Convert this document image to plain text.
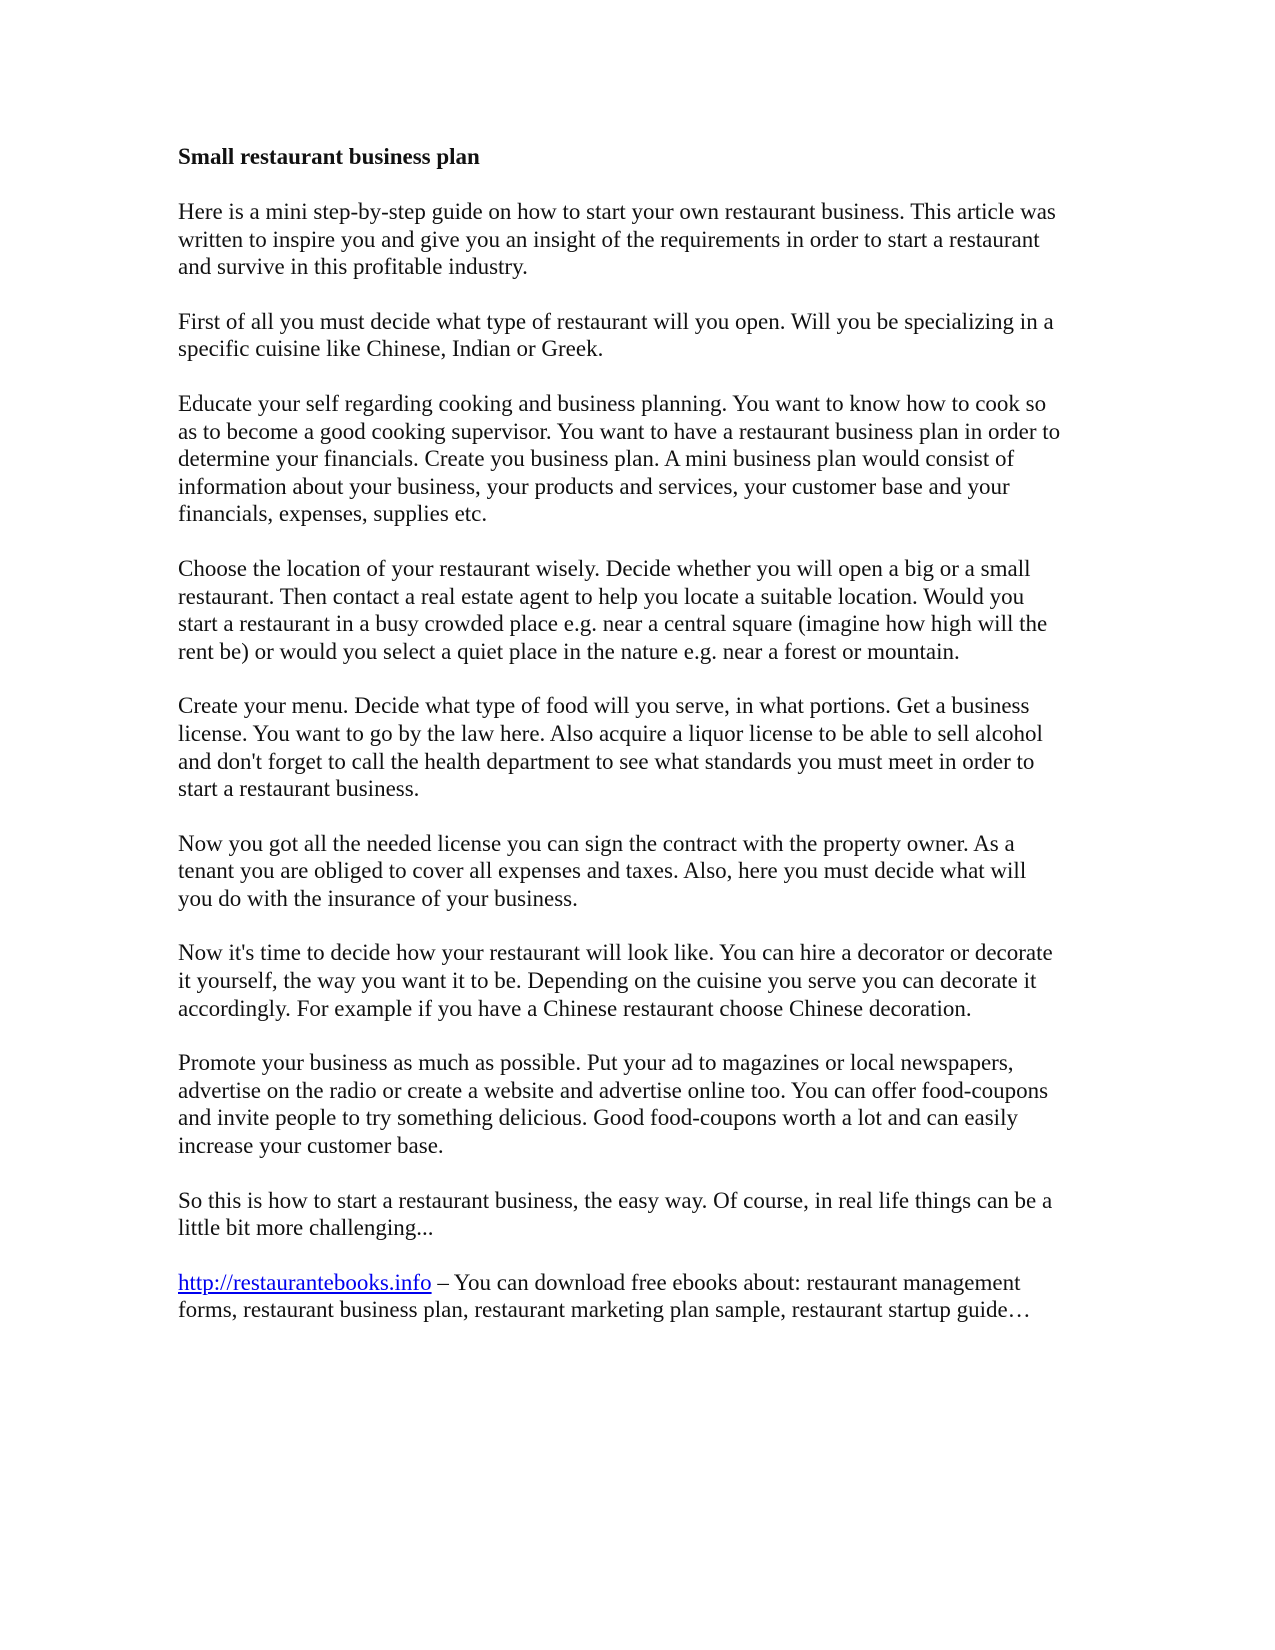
Small restaurant business plan

Here is a mini step-by-step guide on how to start your own restaurant business. This article was written to inspire you and give you an insight of the requirements in order to start a restaurant and survive in this profitable industry.

First of all you must decide what type of restaurant will you open. Will you be specializing in a specific cuisine like Chinese, Indian or Greek.

Educate your self regarding cooking and business planning. You want to know how to cook so as to become a good cooking supervisor. You want to have a restaurant business plan in order to determine your financials. Create you business plan. A mini business plan would consist of information about your business, your products and services, your customer base and your financials, expenses, supplies etc.

Choose the location of your restaurant wisely. Decide whether you will open a big or a small restaurant. Then contact a real estate agent to help you locate a suitable location. Would you start a restaurant in a busy crowded place e.g. near a central square (imagine how high will the rent be) or would you select a quiet place in the nature e.g. near a forest or mountain.

Create your menu. Decide what type of food will you serve, in what portions. Get a business license. You want to go by the law here. Also acquire a liquor license to be able to sell alcohol and don't forget to call the health department to see what standards you must meet in order to start a restaurant business.

Now you got all the needed license you can sign the contract with the property owner. As a tenant you are obliged to cover all expenses and taxes. Also, here you must decide what will you do with the insurance of your business.

Now it's time to decide how your restaurant will look like. You can hire a decorator or decorate it yourself, the way you want it to be. Depending on the cuisine you serve you can decorate it accordingly. For example if you have a Chinese restaurant choose Chinese decoration.

Promote your business as much as possible. Put your ad to magazines or local newspapers, advertise on the radio or create a website and advertise online too. You can offer food-coupons and invite people to try something delicious. Good food-coupons worth a lot and can easily increase your customer base.

So this is how to start a restaurant business, the easy way. Of course, in real life things can be a little bit more challenging...

http://restaurantebooks.info – You can download free ebooks about: restaurant management forms, restaurant business plan, restaurant marketing plan sample, restaurant startup guide…
